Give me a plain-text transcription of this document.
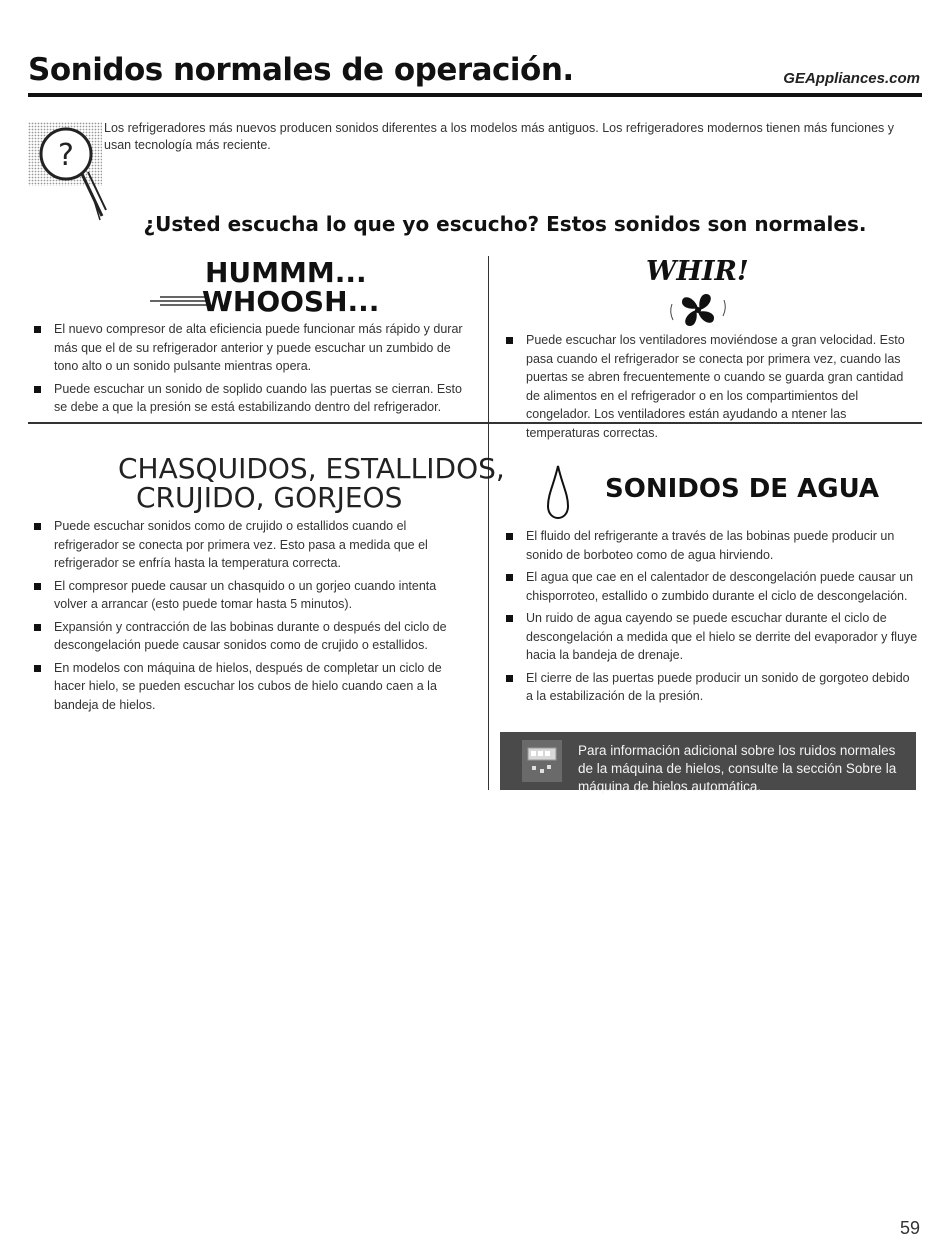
Sonidos normales de operación.	GEAppliances.com
?
Los refrigeradores más nuevos producen sonidos diferentes a los modelos más antiguos. Los refrigeradores modernos tienen más funciones y usan tecnología más reciente.
¿Usted escucha lo que yo escucho? Estos sonidos son normales.
HUMMM...
WHOOSH...
El nuevo compresor de alta eficiencia puede funcionar más rápido y durar más que el de su refrigerador anterior y puede escuchar un zumbido de tono alto o un sonido pulsante mientras opera.
Puede escuchar un sonido de soplido cuando las puertas se cierran. Esto se debe a que la presión se está estabilizando dentro del refrigerador.
WHIR!
Puede escuchar los ventiladores moviéndose a gran velocidad. Esto pasa cuando el refrigerador se conecta por primera vez, cuando las puertas se abren frecuentemente o cuando se guarda gran cantidad de alimentos en el refrigerador o en los compartimientos del congelador. Los ventiladores están ayudando a ntener las temperaturas correctas.
CHASQUIDOS, ESTALLIDOS,
CRUJIDO, GORJEOS
Puede escuchar sonidos como de crujido o estallidos cuando el refrigerador se conecta por primera vez. Esto pasa a medida que el refrigerador se enfría hasta la temperatura correcta.
El compresor puede causar un chasquido o un gorjeo cuando intenta volver a arrancar (esto puede tomar hasta 5 minutos).
Expansión y contracción de las bobinas durante o después del ciclo de descongelación puede causar sonidos como de crujido o estallidos.
En modelos con máquina de hielos, después de completar un ciclo de hacer hielo, se pueden escuchar los cubos de hielo cuando caen a la bandeja de hielos.
SONIDOS DE AGUA
El fluido del refrigerante a través de las bobinas puede producir un sonido de borboteo como de agua hirviendo.
El agua que cae en el calentador de descongelación puede causar un chisporroteo, estallido o zumbido durante el ciclo de descongelación.
Un ruido de agua cayendo se puede escuchar durante el ciclo de descongelación a medida que el hielo se derrite del evaporador y fluye hacia la bandeja de drenaje.
El cierre de las puertas puede producir un sonido de gorgoteo debido a la estabilización de la presión.
Para información adicional sobre los ruidos normales de la máquina de hielos, consulte la sección Sobre la máquina de hielos automática.
59
